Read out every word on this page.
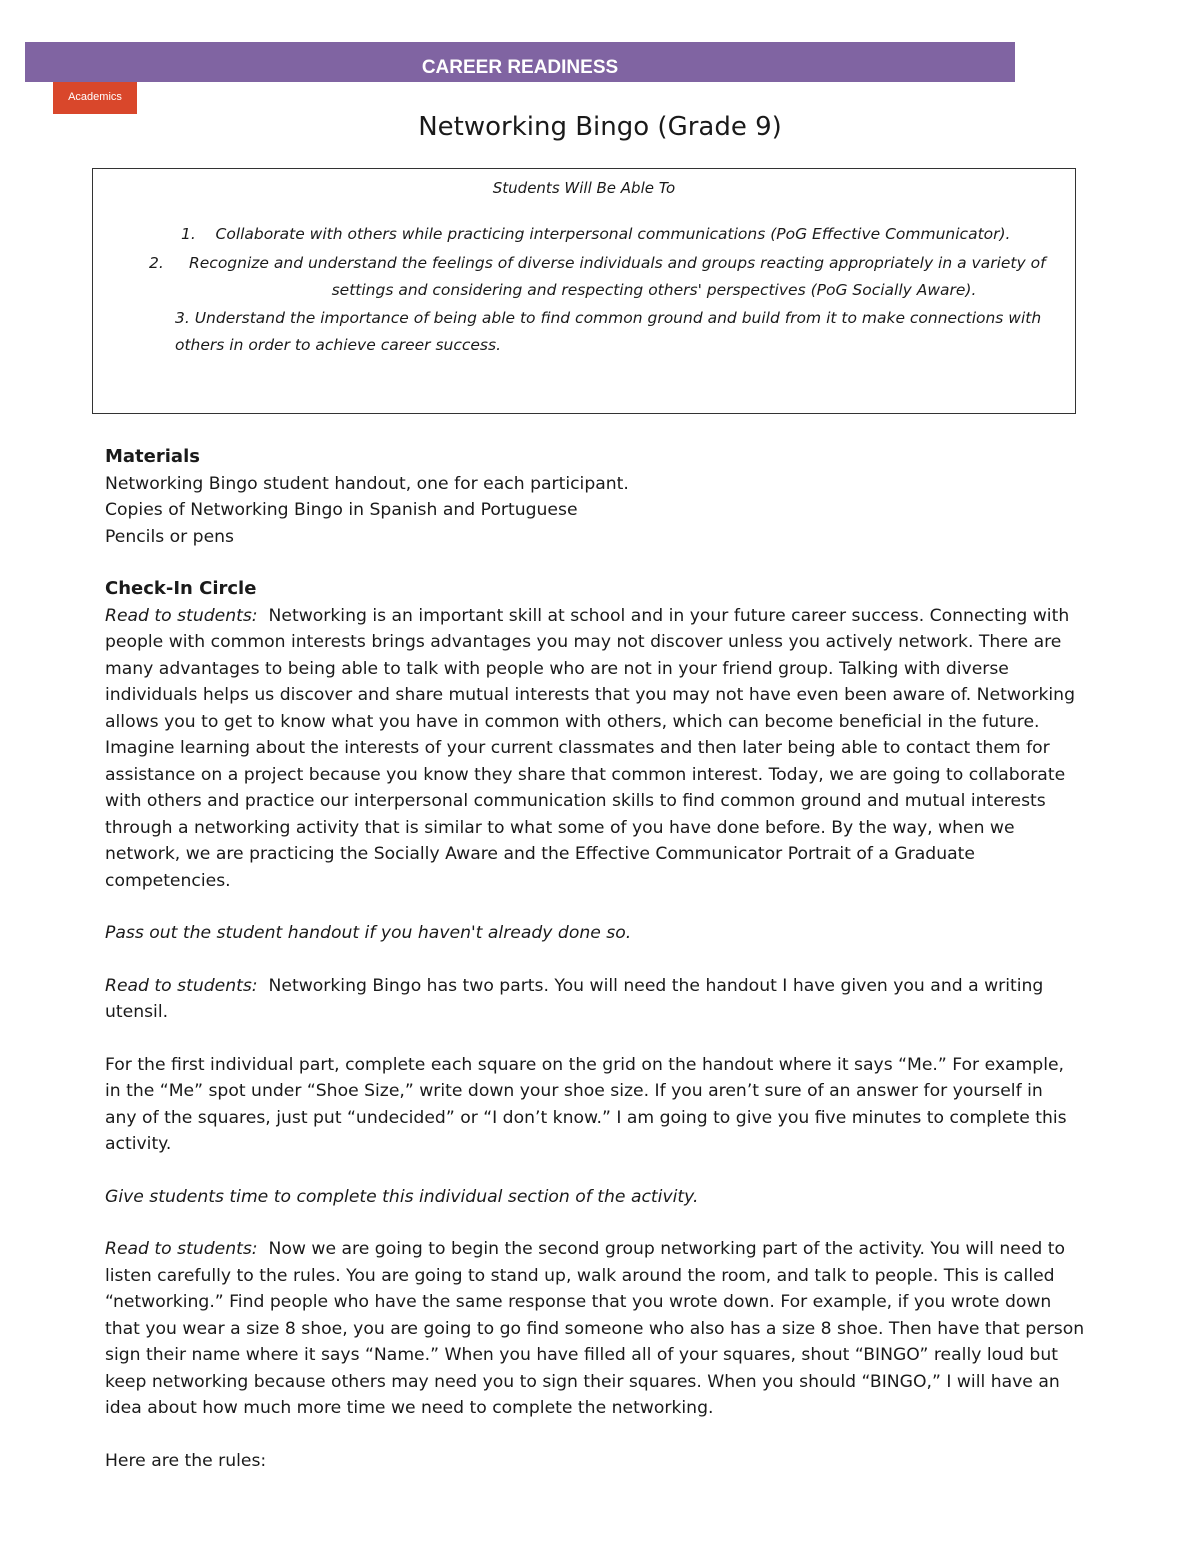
CAREER READINESS
Academics
Networking Bingo (Grade 9)
Students Will Be Able To
1. Collaborate with others while practicing interpersonal communications (PoG Effective Communicator).
2. Recognize and understand the feelings of diverse individuals and groups reacting appropriately in a variety of
settings and considering and respecting others' perspectives (PoG Socially Aware).
3. Understand the importance of being able to find common ground and build from it to make connections with
others in order to achieve career success.

Materials

Networking Bingo student handout, one for each participant.

Copies of Networking Bingo in Spanish and Portuguese

Pencils or pens

Check-In Circle

Read to students: Networking is an important skill at school and in your future career success. Connecting with

people with common interests brings advantages you may not discover unless you actively network. There are

many advantages to being able to talk with people who are not in your friend group. Talking with diverse

individuals helps us discover and share mutual interests that you may not have even been aware of. Networking

allows you to get to know what you have in common with others, which can become beneficial in the future.

Imagine learning about the interests of your current classmates and then later being able to contact them for

assistance on a project because you know they share that common interest. Today, we are going to collaborate

with others and practice our interpersonal communication skills to find common ground and mutual interests

through a networking activity that is similar to what some of you have done before. By the way, when we

network, we are practicing the Socially Aware and the Effective Communicator Portrait of a Graduate

competencies.

Pass out the student handout if you haven't already done so.

Read to students: Networking Bingo has two parts. You will need the handout I have given you and a writing

utensil.

For the first individual part, complete each square on the grid on the handout where it says “Me.” For example,

in the “Me” spot under “Shoe Size,” write down your shoe size. If you aren’t sure of an answer for yourself in

any of the squares, just put “undecided” or “I don’t know.” I am going to give you five minutes to complete this

activity.

Give students time to complete this individual section of the activity.

Read to students: Now we are going to begin the second group networking part of the activity. You will need to

listen carefully to the rules. You are going to stand up, walk around the room, and talk to people. This is called

“networking.” Find people who have the same response that you wrote down. For example, if you wrote down

that you wear a size 8 shoe, you are going to go find someone who also has a size 8 shoe. Then have that person

sign their name where it says “Name.” When you have filled all of your squares, shout “BINGO” really loud but

keep networking because others may need you to sign their squares. When you should “BINGO,” I will have an

idea about how much more time we need to complete the networking.

Here are the rules:
